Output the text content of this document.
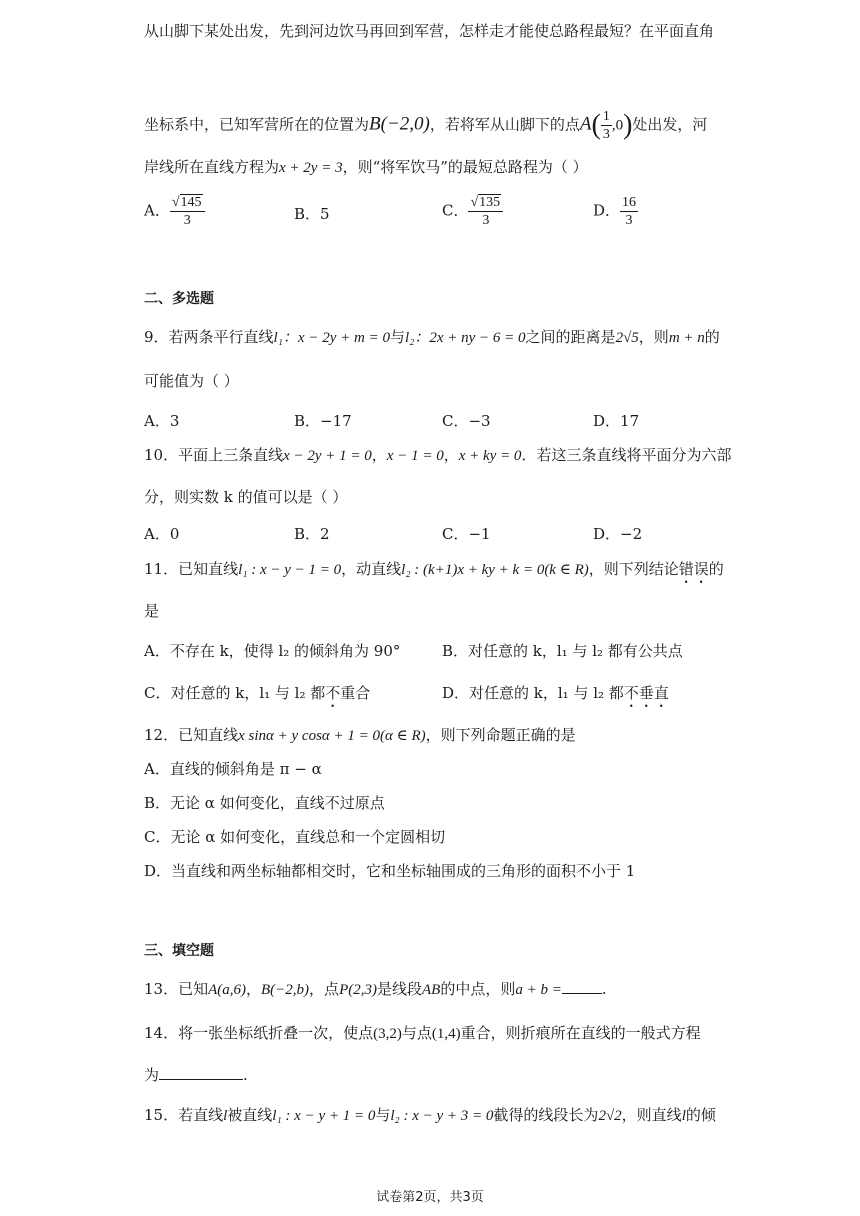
从山脚下某处出发，先到河边饮马再回到军营，怎样走才能使总路程最短？在平面直角
坐标系中，已知军营所在的位置为B(−2,0)，若将军从山脚下的点$A( \frac{1}{3} ,0)$处出发，河
岸线所在直线方程为x + 2y = 3，则“将军饮马”的最短总路程为（ ）
A． $\frac{√145}{3}$	B．5	C． $\frac{√135}{3}$	D． $\frac{16}{3}$
二、多选题
9．若两条平行直线l₁：x − 2y + m = 0与l₂：2x + ny − 6 = 0之间的距离是2√5，则m + n的
可能值为（ ）
A．3	B．−17	C．−3	D．17
10．平面上三条直线x − 2y + 1 = 0，x − 1 = 0，x + ky = 0．若这三条直线将平面分为六部
分，则实数 k 的值可以是（ ）
A．0	B．2	C．−1	D．−2
11．已知直线l₁ : x − y − 1 = 0，动直线l₂ : (k+1)x + ky + k = 0(k ∈ R)，则下列结论错误的
是
A．不存在 k，使得 l₂ 的倾斜角为 90°	B．对任意的 k，l₁ 与 l₂ 都有公共点
C．对任意的 k，l₁ 与 l₂ 都不重合	D．对任意的 k，l₁ 与 l₂ 都不垂直
12．已知直线x sinα + y cosα + 1 = 0(α ∈ R)，则下列命题正确的是
A．直线的倾斜角是 π − α
B．无论 α 如何变化，直线不过原点
C．无论 α 如何变化，直线总和一个定圆相切
D．当直线和两坐标轴都相交时，它和坐标轴围成的三角形的面积不小于 1
三、填空题
13．已知A(a,6)，B(−2,b)，点P(2,3)是线段AB的中点，则a + b =	.
14．将一张坐标纸折叠一次，使点(3,2)与点(1,4)重合，则折痕所在直线的一般式方程
为	.
15．若直线l被直线l₁ : x − y + 1 = 0与l₂ : x − y + 3 = 0截得的线段长为2√2，则直线l的倾
试卷第2页，共3页
